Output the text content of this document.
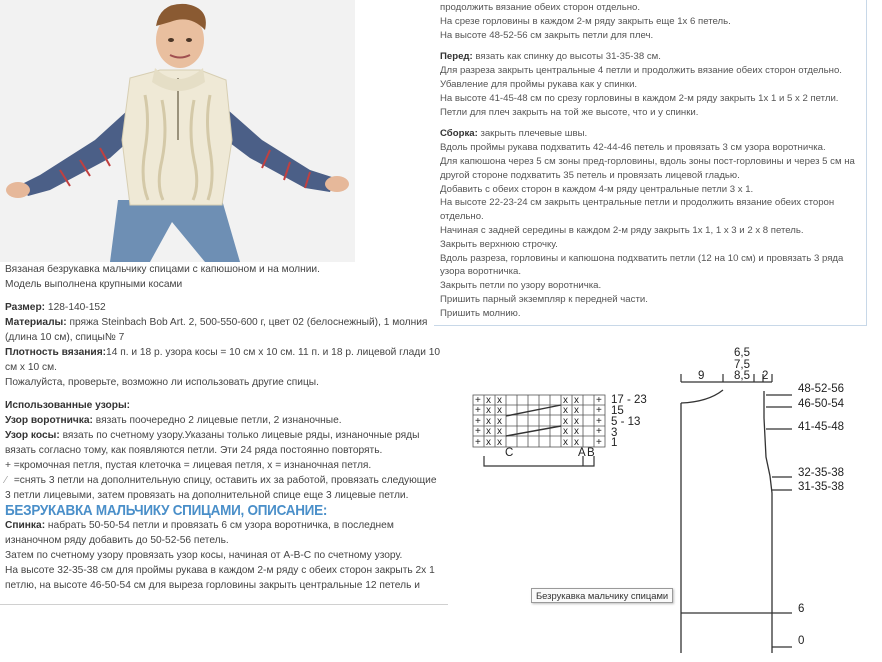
Вязаная безрукавка мальчику спицами с капюшоном и на молнии.

Модель выполнена крупными косами

Размер: 128-140-152

Материалы: пряжа Steinbach Bob Art. 2, 500-550-600 г, цвет 02 (белоснежный), 1 молния (длина 10 см), спицы№ 7

Плотность вязания:14 п. и 18 р. узора косы = 10 см x 10 см. 11 п. и 18 р. лицевой глади 10 см x 10 см.

Пожалуйста, проверьте, возможно ли использовать другие спицы.

Использованные узоры:

Узор воротничка: вязать поочередно 2 лицевые петли, 2 изнаночные.

Узор косы: вязать по счетному узору.Указаны только лицевые ряды, изнаночные ряды вязать согласно тому, как появляются петли. Эти 24 ряда постоянно повторять.

+ =кромочная петля, пустая клеточка = лицевая петля, x = изнаночная петля.

⁄ =снять 3 петли на дополнительную спицу, оставить их за работой, провязать следующие 3 петли лицевыми, затем провязать на дополнительной спице еще 3 лицевые петли.

БЕЗРУКАВКА МАЛЬЧИКУ СПИЦАМИ, ОПИСАНИЕ:

Спинка: набрать 50-50-54 петли и провязать 6 см узора воротничка, в последнем изнаночном ряду добавить до 50-52-56 петель.

Затем по счетному узору провязать узор косы, начиная от А-В-С по счетному узору.

На высоте 32-35-38 см для проймы рукава в каждом 2-м ряду с обеих сторон закрыть 2х 1 петлю, на высоте 46-50-54 см для выреза горловины закрыть центральные 12 петель и

продолжить вязание обеих сторон отдельно.

На срезе горловины в каждом 2-м ряду закрыть еще 1х 6 петель.

На высоте 48-52-56 см закрыть петли для плеч.

Перед: вязать как спинку до высоты 31-35-38 см.

Для разреза закрыть центральные 4 петли и продолжить вязание обеих сторон отдельно.

Убавление для проймы рукава как у спинки.

На высоте 41-45-48 см по срезу горловины в каждом 2-м ряду закрыть 1х 1 и 5 х 2 петли.

Петли для плеч закрыть на той же высоте, что и у спинки.

Сборка: закрыть плечевые швы.

Вдоль проймы рукава подхватить 42-44-46 петель и провязать 3 см узора воротничка.

Для капюшона через 5 см зоны пред-горловины, вдоль зоны пост-горловины и через 5 см на другой стороне подхватить 35 петель и провязать лицевой гладью.

Добавить с обеих сторон в каждом 4-м ряду центральные петли 3 х 1.

На высоте 22-23-24 см закрыть центральные петли и продолжить вязание обеих сторон отдельно.

Начиная с задней середины в каждом 2-м ряду закрыть 1х 1, 1 х 3 и 2 х 8 петель.

Закрыть верхнюю строчку.

Вдоль разреза, горловины и капюшона подхватить петли (12 на 10 см) и провязать 3 ряда узора воротничка.

Закрыть петли по узору воротничка.

Пришить парный экземпляр к передней части.

Пришить молнию.

+
+
+
+
+
x
x
x
x
x
x
x
x
x
x
x
x
x
x
x
x
x
x
x
x
+
+
+
+
+
17 - 23
15
5 - 13
3
1
C	A B
6,5
7,5
9	8,5 2
48-52-56
46-50-54
41-45-48
32-35-38
31-35-38
6
0
Безрукавка мальчику спицами
